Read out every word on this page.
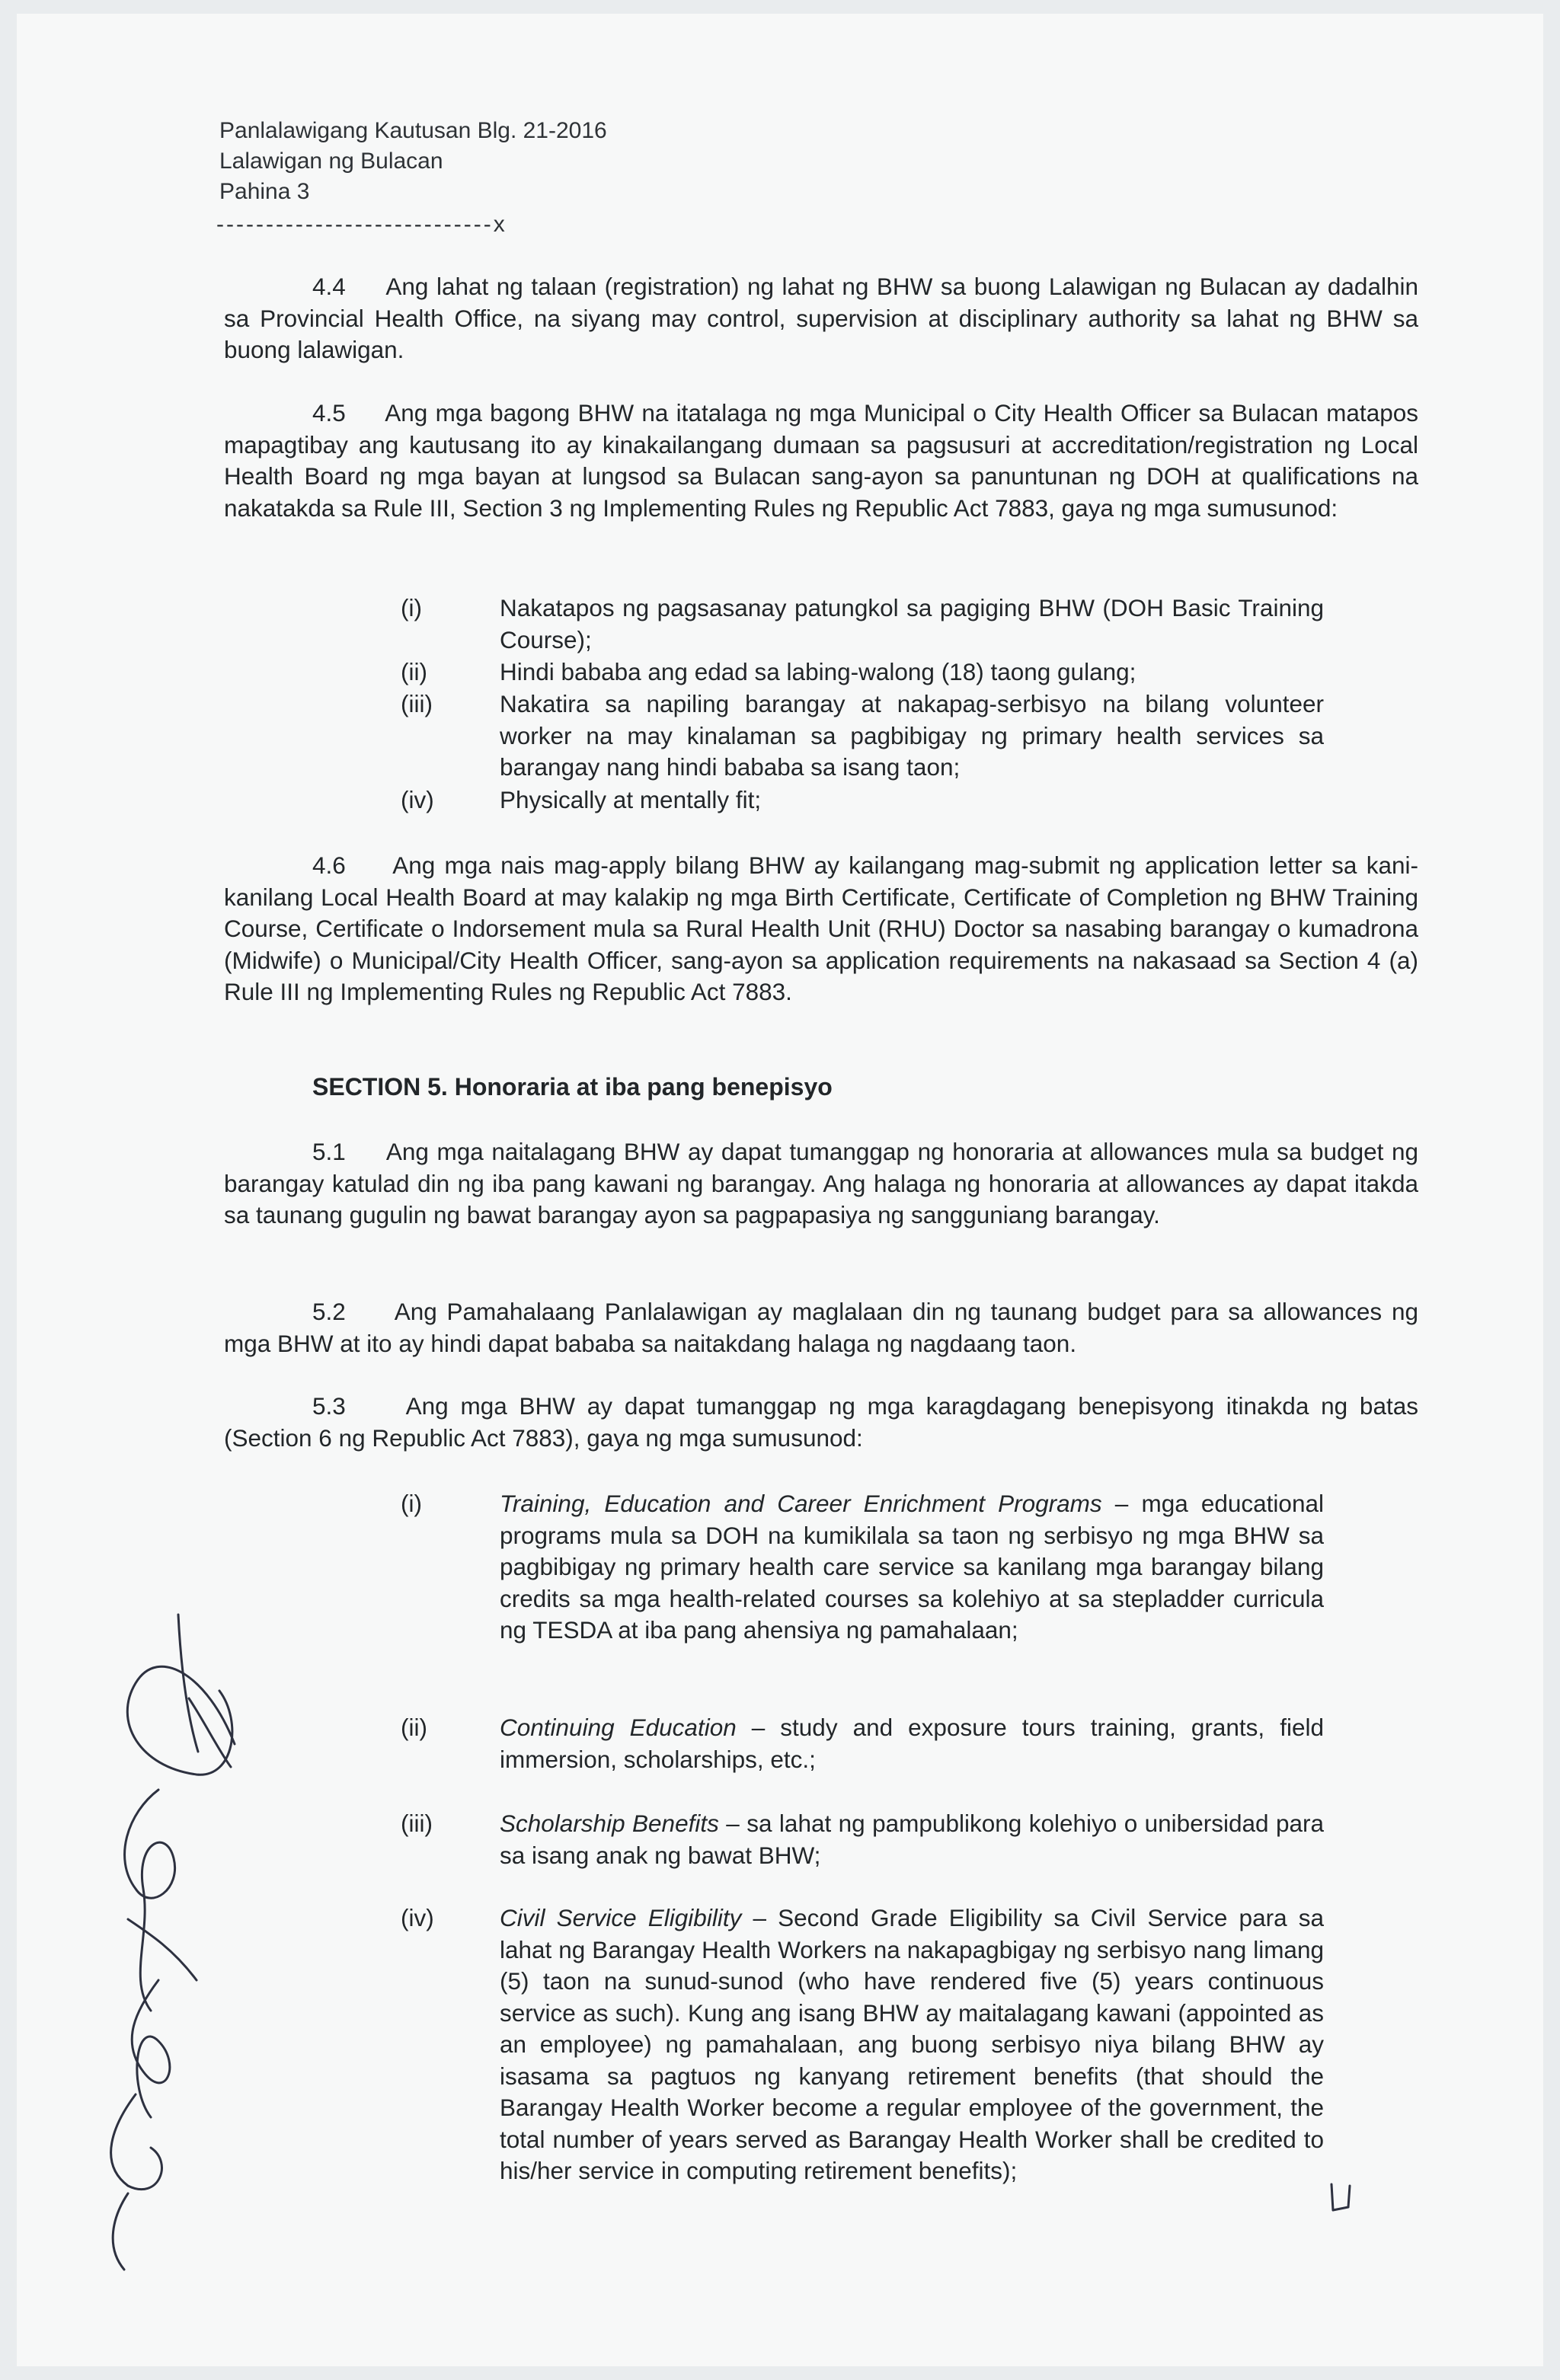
Panlalawigang Kautusan Blg. 21-2016
Lalawigan ng Bulacan
Pahina 3
----------------------------x
4.4 Ang lahat ng talaan (registration) ng lahat ng BHW sa buong Lalawigan ng Bulacan ay dadalhin sa Provincial Health Office, na siyang may control, supervision at disciplinary authority sa lahat ng BHW sa buong lalawigan.
4.5 Ang mga bagong BHW na itatalaga ng mga Municipal o City Health Officer sa Bulacan matapos mapagtibay ang kautusang ito ay kinakailangang dumaan sa pagsusuri at accreditation/registration ng Local Health Board ng mga bayan at lungsod sa Bulacan sang-ayon sa panuntunan ng DOH at qualifications na nakatakda sa Rule III, Section 3 ng Implementing Rules ng Republic Act 7883, gaya ng mga sumusunod:
(i)	Nakatapos ng pagsasanay patungkol sa pagiging BHW (DOH Basic Training Course);
(ii)	Hindi bababa ang edad sa labing-walong (18) taong gulang;
(iii)	Nakatira sa napiling barangay at nakapag-serbisyo na bilang volunteer worker na may kinalaman sa pagbibigay ng primary health services sa barangay nang hindi bababa sa isang taon;
(iv)	Physically at mentally fit;
4.6 Ang mga nais mag-apply bilang BHW ay kailangang mag-submit ng application letter sa kani-kanilang Local Health Board at may kalakip ng mga Birth Certificate, Certificate of Completion ng BHW Training Course, Certificate o Indorsement mula sa Rural Health Unit (RHU) Doctor sa nasabing barangay o kumadrona (Midwife) o Municipal/City Health Officer, sang-ayon sa application requirements na nakasaad sa Section 4 (a) Rule III ng Implementing Rules ng Republic Act 7883.
SECTION 5. Honoraria at iba pang benepisyo
5.1 Ang mga naitalagang BHW ay dapat tumanggap ng honoraria at allowances mula sa budget ng barangay katulad din ng iba pang kawani ng barangay. Ang halaga ng honoraria at allowances ay dapat itakda sa taunang gugulin ng bawat barangay ayon sa pagpapasiya ng sangguniang barangay.
5.2 Ang Pamahalaang Panlalawigan ay maglalaan din ng taunang budget para sa allowances ng mga BHW at ito ay hindi dapat bababa sa naitakdang halaga ng nagdaang taon.
5.3	Ang mga BHW ay dapat tumanggap ng mga karagdagang benepisyong itinakda ng batas (Section 6 ng Republic Act 7883), gaya ng mga sumusunod:
(i)	Training, Education and Career Enrichment Programs – mga educational programs mula sa DOH na kumikilala sa taon ng serbisyo ng mga BHW sa pagbibigay ng primary health care service sa kanilang mga barangay bilang credits sa mga health-related courses sa kolehiyo at sa stepladder curricula ng TESDA at iba pang ahensiya ng pamahalaan;
(ii)	Continuing Education – study and exposure tours training, grants, field immersion, scholarships, etc.;
(iii)	Scholarship Benefits – sa lahat ng pampublikong kolehiyo o unibersidad para sa isang anak ng bawat BHW;
(iv)	Civil Service Eligibility – Second Grade Eligibility sa Civil Service para sa lahat ng Barangay Health Workers na nakapagbigay ng serbisyo nang limang (5) taon na sunud-sunod (who have rendered five (5) years continuous service as such). Kung ang isang BHW ay maitalagang kawani (appointed as an employee) ng pamahalaan, ang buong serbisyo niya bilang BHW ay isasama sa pagtuos ng kanyang retirement benefits (that should the Barangay Health Worker become a regular employee of the government, the total number of years served as Barangay Health Worker shall be credited to his/her service in computing retirement benefits);
